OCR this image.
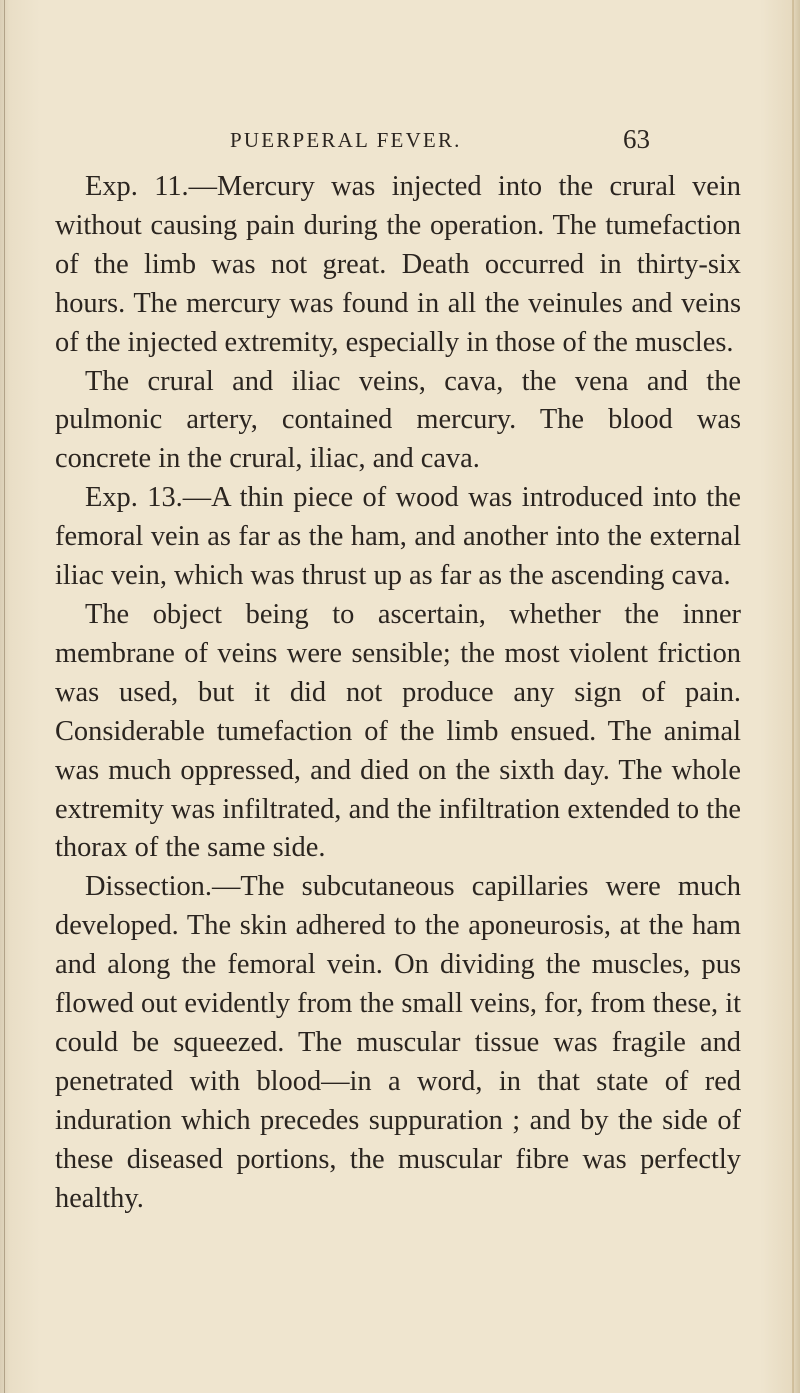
PUERPERAL FEVER.	63

Exp. 11.—Mercury was injected into the crural vein without causing pain during the operation. The tumefaction of the limb was not great. Death occurred in thirty-six hours. The mercury was found in all the veinules and veins of the injected extremity, especially in those of the muscles.

The crural and iliac veins, cava, the vena and the pulmonic artery, contained mercury. The blood was concrete in the crural, iliac, and cava.

Exp. 13.—A thin piece of wood was introduced into the femoral vein as far as the ham, and another into the external iliac vein, which was thrust up as far as the ascending cava.

The object being to ascertain, whether the inner membrane of veins were sensible; the most violent friction was used, but it did not produce any sign of pain. Considerable tumefaction of the limb ensued. The animal was much oppressed, and died on the sixth day. The whole extremity was infiltrated, and the infiltration extended to the thorax of the same side.

Dissection.—The subcutaneous capillaries were much developed. The skin adhered to the aponeurosis, at the ham and along the femoral vein. On dividing the muscles, pus flowed out evidently from the small veins, for, from these, it could be squeezed. The muscular tissue was fragile and penetrated with blood—in a word, in that state of red induration which precedes suppuration ; and by the side of these diseased portions, the muscular fibre was perfectly healthy.
